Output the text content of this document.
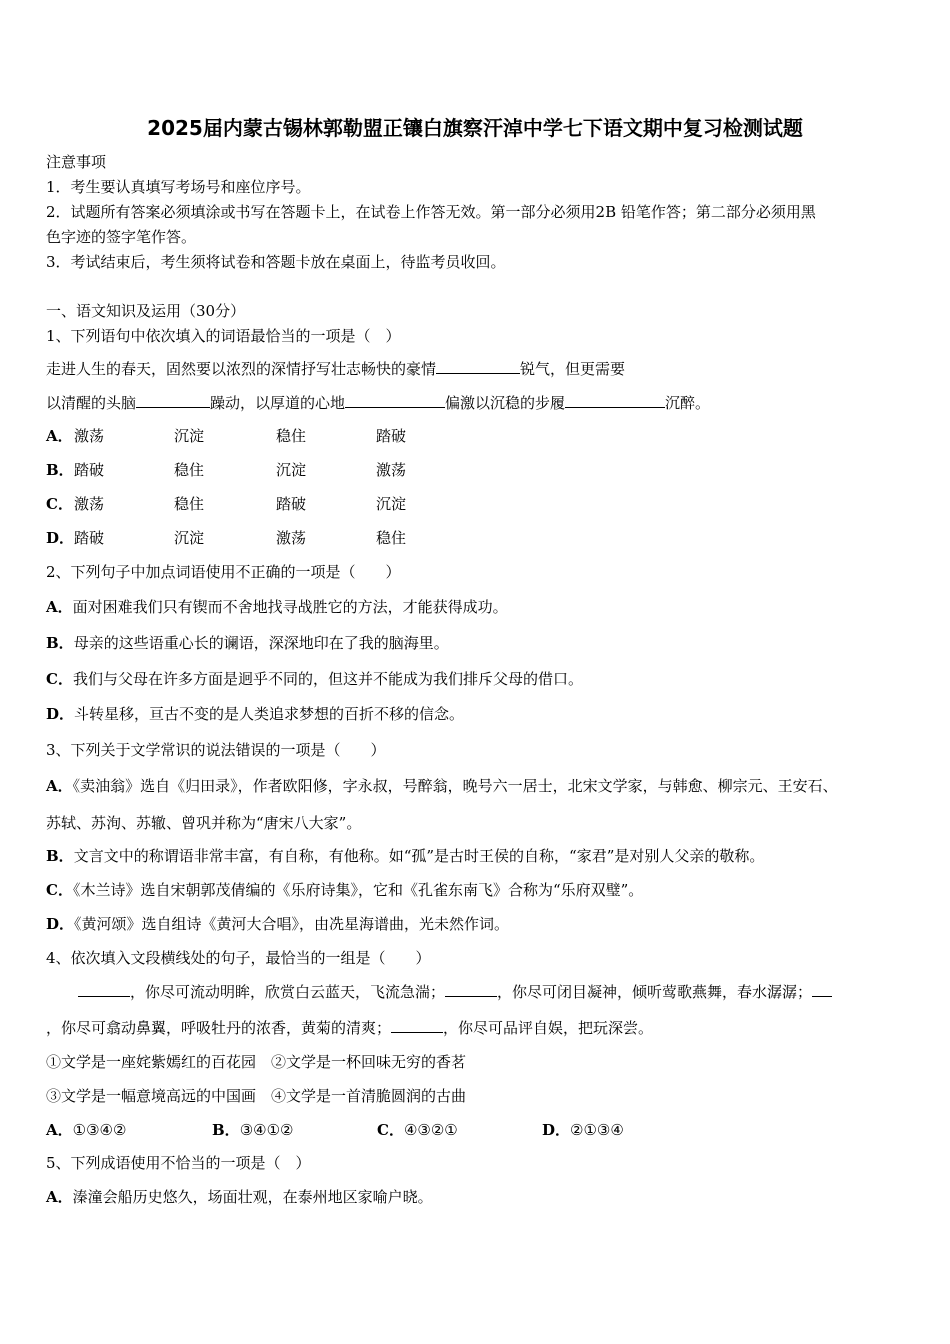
2025届内蒙古锡林郭勒盟正镶白旗察汗淖中学七下语文期中复习检测试题
注意事项
1．考生要认真填写考场号和座位序号。
2．试题所有答案必须填涂或书写在答题卡上，在试卷上作答无效。第一部分必须用2B 铅笔作答；第二部分必须用黑
色字迹的签字笔作答。
3．考试结束后，考生须将试卷和答题卡放在桌面上，待监考员收回。
一、语文知识及运用（30分）
1、下列语句中依次填入的词语最恰当的一项是（　）
走进人生的春天，固然要以浓烈的深情抒写壮志畅快的豪情	锐气，但更需要
以清醒的头脑	躁动，以厚道的心地	偏激以沉稳的步履	沉醉。
A． 激荡	沉淀	稳住	踏破
B． 踏破	稳住	沉淀	激荡
C． 激荡	稳住	踏破	沉淀
D． 踏破	沉淀	激荡	稳住
2、下列句子中加点词语使用不正确的一项是（　　）
A．面对困难我们只有锲而不舍地找寻战胜它的方法，才能获得成功。
B．母亲的这些语重心长的谰语，深深地印在了我的脑海里。
C．我们与父母在许多方面是迥乎不同的，但这并不能成为我们排斥父母的借口。
D．斗转星移，亘古不变的是人类追求梦想的百折不移的信念。
3、下列关于文学常识的说法错误的一项是（　　）
A．《卖油翁》选自《归田录》，作者欧阳修，字永叔，号醉翁，晚号六一居士，北宋文学家，与韩愈、柳宗元、王安石、
苏轼、苏洵、苏辙、曾巩并称为“唐宋八大家”。
B．文言文中的称谓语非常丰富，有自称，有他称。如“孤”是古时王侯的自称，“家君”是对别人父亲的敬称。
C．《木兰诗》选自宋朝郭茂倩编的《乐府诗集》，它和《孔雀东南飞》合称为“乐府双璧”。
D．《黄河颂》选自组诗《黄河大合唱》，由冼星海谱曲，光未然作词。
4、依次填入文段横线处的句子，最恰当的一组是（　　）
，你尽可流动明眸，欣赏白云蓝天，飞流急湍；	，你尽可闭目凝神，倾听莺歌燕舞，春水潺潺；
，你尽可翕动鼻翼，呼吸牡丹的浓香，黄菊的清爽；	，你尽可品评自娱，把玩深尝。
①文学是一座姹紫嫣红的百花园　②文学是一杯回味无穷的香茗
③文学是一幅意境高远的中国画　④文学是一首清脆圆润的古曲
A．①③④②	B．③④①②	C．④③②①	D．②①③④
5、下列成语使用不恰当的一项是（　）
A．溱潼会船历史悠久，场面壮观，在泰州地区家喻户晓。
